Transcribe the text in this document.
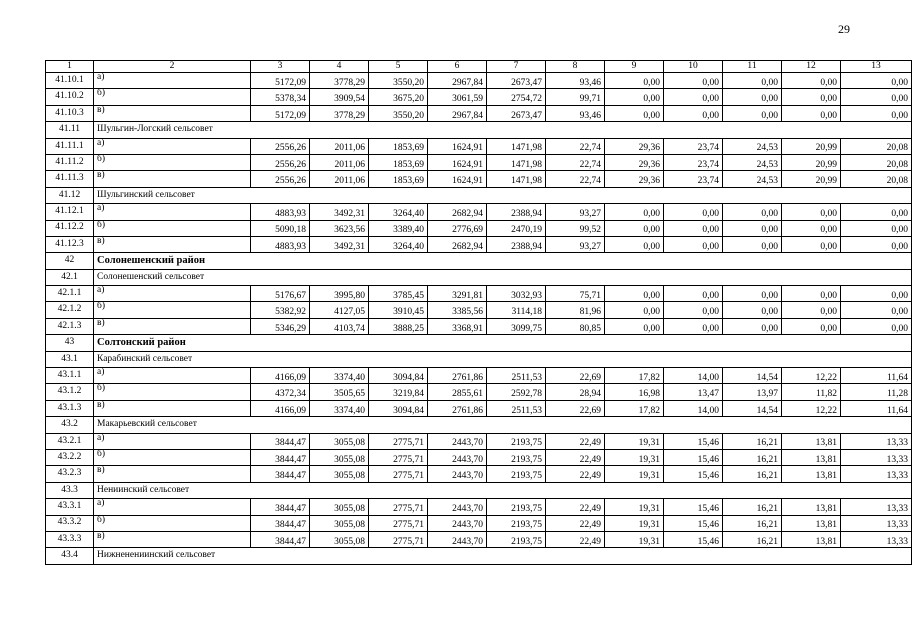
29
1	2	3	4	5	6	7	8	9	10	11	12	13
41.10.1	а)	5172,09	3778,29	3550,20	2967,84	2673,47	93,46	0,00	0,00	0,00	0,00	0,00
41.10.2	б)	5378,34	3909,54	3675,20	3061,59	2754,72	99,71	0,00	0,00	0,00	0,00	0,00
41.10.3	в)	5172,09	3778,29	3550,20	2967,84	2673,47	93,46	0,00	0,00	0,00	0,00	0,00
41.11	Шульгин-Логский сельсовет											
41.11.1	а)	2556,26	2011,06	1853,69	1624,91	1471,98	22,74	29,36	23,74	24,53	20,99	20,08
41.11.2	б)	2556,26	2011,06	1853,69	1624,91	1471,98	22,74	29,36	23,74	24,53	20,99	20,08
41.11.3	в)	2556,26	2011,06	1853,69	1624,91	1471,98	22,74	29,36	23,74	24,53	20,99	20,08
41.12	Шульгинский сельсовет											
41.12.1	а)	4883,93	3492,31	3264,40	2682,94	2388,94	93,27	0,00	0,00	0,00	0,00	0,00
41.12.2	б)	5090,18	3623,56	3389,40	2776,69	2470,19	99,52	0,00	0,00	0,00	0,00	0,00
41.12.3	в)	4883,93	3492,31	3264,40	2682,94	2388,94	93,27	0,00	0,00	0,00	0,00	0,00
42	Солонешенский район											
42.1	Солонешенский сельсовет											
42.1.1	а)	5176,67	3995,80	3785,45	3291,81	3032,93	75,71	0,00	0,00	0,00	0,00	0,00
42.1.2	б)	5382,92	4127,05	3910,45	3385,56	3114,18	81,96	0,00	0,00	0,00	0,00	0,00
42.1.3	в)	5346,29	4103,74	3888,25	3368,91	3099,75	80,85	0,00	0,00	0,00	0,00	0,00
43	Солтонский район											
43.1	Карабинский сельсовет											
43.1.1	а)	4166,09	3374,40	3094,84	2761,86	2511,53	22,69	17,82	14,00	14,54	12,22	11,64
43.1.2	б)	4372,34	3505,65	3219,84	2855,61	2592,78	28,94	16,98	13,47	13,97	11,82	11,28
43.1.3	в)	4166,09	3374,40	3094,84	2761,86	2511,53	22,69	17,82	14,00	14,54	12,22	11,64
43.2	Макарьевский сельсовет											
43.2.1	а)	3844,47	3055,08	2775,71	2443,70	2193,75	22,49	19,31	15,46	16,21	13,81	13,33
43.2.2	б)	3844,47	3055,08	2775,71	2443,70	2193,75	22,49	19,31	15,46	16,21	13,81	13,33
43.2.3	в)	3844,47	3055,08	2775,71	2443,70	2193,75	22,49	19,31	15,46	16,21	13,81	13,33
43.3	Нениинский сельсовет											
43.3.1	а)	3844,47	3055,08	2775,71	2443,70	2193,75	22,49	19,31	15,46	16,21	13,81	13,33
43.3.2	б)	3844,47	3055,08	2775,71	2443,70	2193,75	22,49	19,31	15,46	16,21	13,81	13,33
43.3.3	в)	3844,47	3055,08	2775,71	2443,70	2193,75	22,49	19,31	15,46	16,21	13,81	13,33
43.4	Нижненениинский сельсовет											
